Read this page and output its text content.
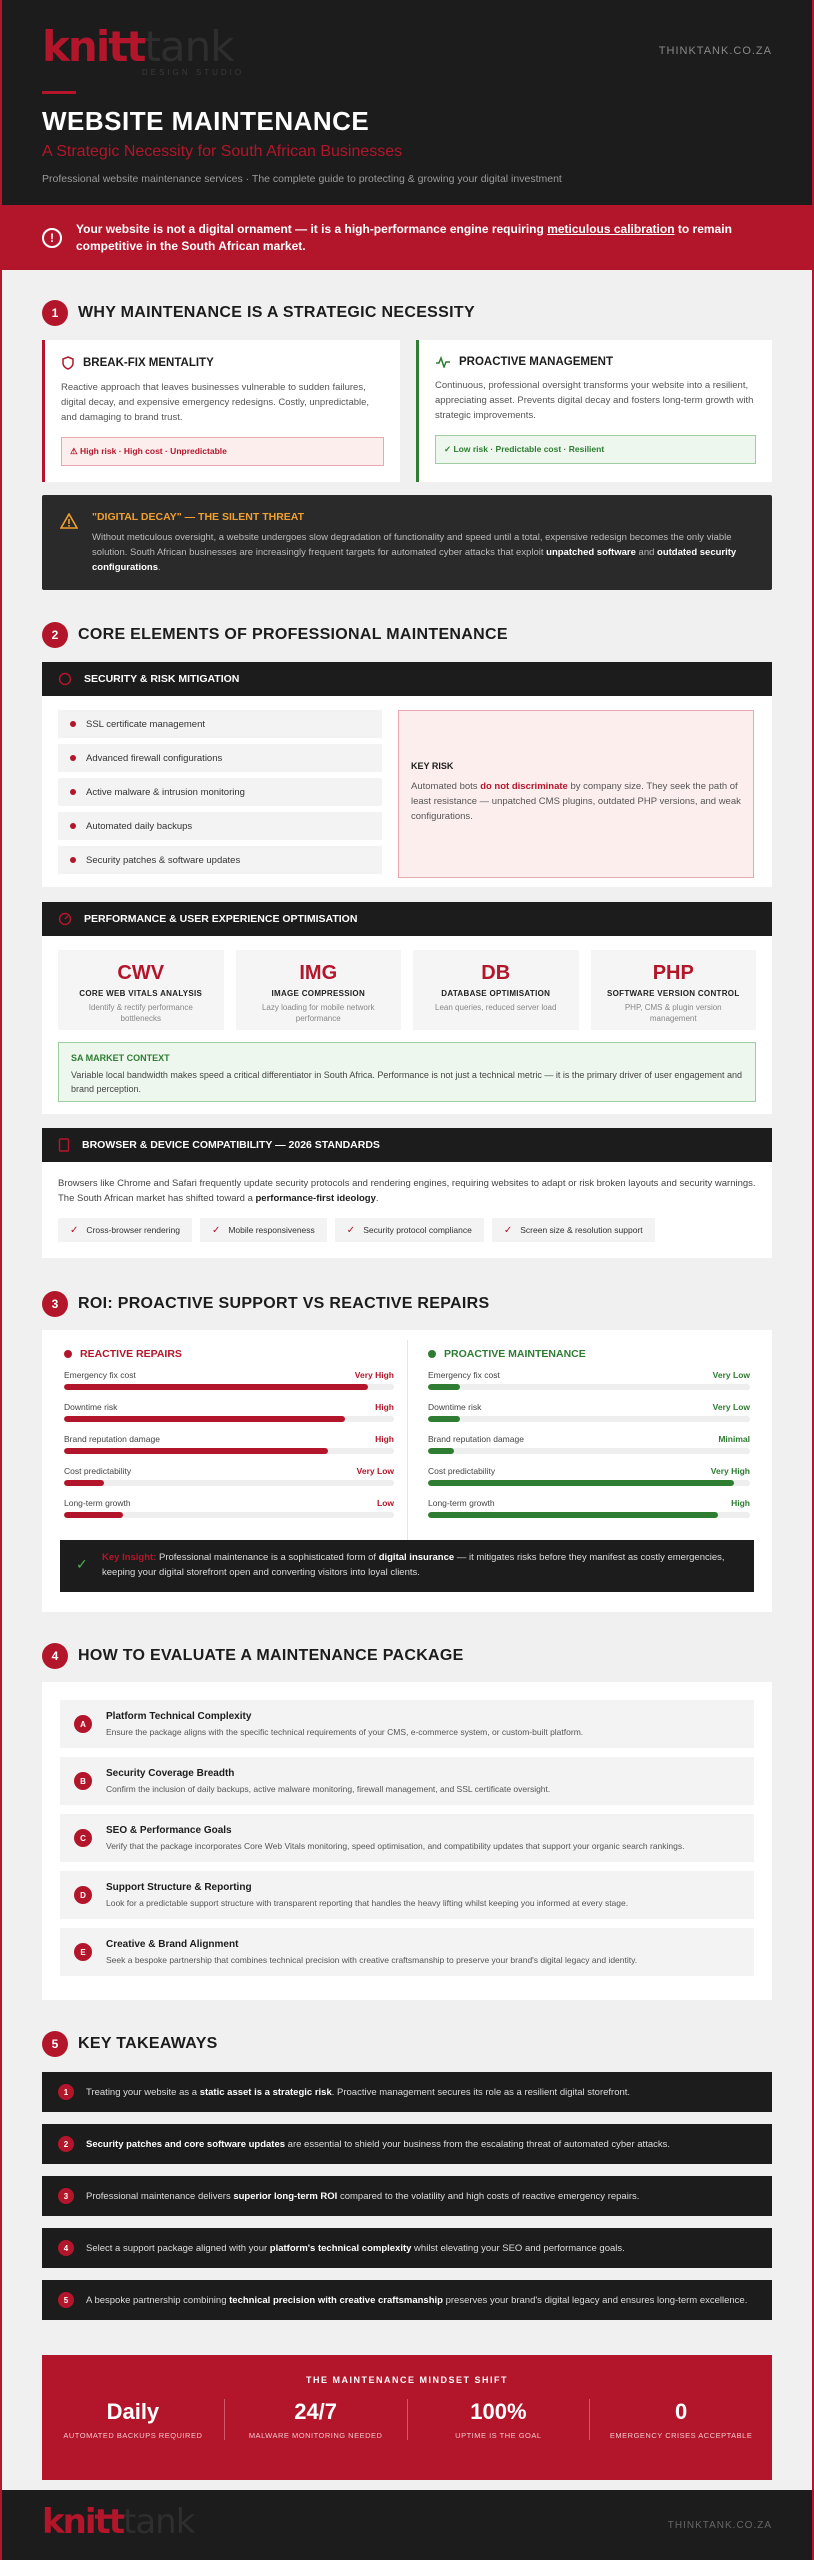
knitt tank
DESIGN STUDIO
THINKTANK.CO.ZA
WEBSITE MAINTENANCE
A Strategic Necessity for South African Businesses
Professional website maintenance services · The complete guide to protecting & growing your digital investment
!
Your website is not a digital ornament — it is a high-performance engine requiring meticulous calibration to remain competitive in the South African market.
1	WHY MAINTENANCE IS A STRATEGIC NECESSITY
BREAK-FIX MENTALITY
Reactive approach that leaves businesses vulnerable to sudden failures, digital decay, and expensive emergency redesigns. Costly, unpredictable, and damaging to brand trust.
⚠ High risk · High cost · Unpredictable
PROACTIVE MANAGEMENT
Continuous, professional oversight transforms your website into a resilient, appreciating asset. Prevents digital decay and fosters long-term growth with strategic improvements.
✓ Low risk · Predictable cost · Resilient
"DIGITAL DECAY" — THE SILENT THREAT
Without meticulous oversight, a website undergoes slow degradation of functionality and speed until a total, expensive redesign becomes the only viable solution. South African businesses are increasingly frequent targets for automated cyber attacks that exploit unpatched software and outdated security configurations.
2	CORE ELEMENTS OF PROFESSIONAL MAINTENANCE
SECURITY & RISK MITIGATION
SSL certificate management
Advanced firewall configurations
Active malware & intrusion monitoring
Automated daily backups
Security patches & software updates
KEY RISK
Automated bots do not discriminate by company size. They seek the path of least resistance — unpatched CMS plugins, outdated PHP versions, and weak configurations.
PERFORMANCE & USER EXPERIENCE OPTIMISATION
CWV
CORE WEB VITALS ANALYSIS
Identify & rectify performance bottlenecks
IMG
IMAGE COMPRESSION
Lazy loading for mobile network performance
DB
DATABASE OPTIMISATION
Lean queries, reduced server load
PHP
SOFTWARE VERSION CONTROL
PHP, CMS & plugin version management
SA MARKET CONTEXT
Variable local bandwidth makes speed a critical differentiator in South Africa. Performance is not just a technical metric — it is the primary driver of user engagement and brand perception.
BROWSER & DEVICE COMPATIBILITY — 2026 STANDARDS
Browsers like Chrome and Safari frequently update security protocols and rendering engines, requiring websites to adapt or risk broken layouts and security warnings. The South African market has shifted toward a performance-first ideology.
✓ Cross-browser rendering	✓ Mobile responsiveness	✓ Security protocol compliance	✓ Screen size & resolution support
3	ROI: PROACTIVE SUPPORT VS REACTIVE REPAIRS
REACTIVE REPAIRS
Emergency fix cost	Very High
Downtime risk	High
Brand reputation damage	High
Cost predictability	Very Low
Long-term growth	Low
PROACTIVE MAINTENANCE
Emergency fix cost	Very Low
Downtime risk	Very Low
Brand reputation damage	Minimal
Cost predictability	Very High
Long-term growth	High
✓ Key Insight: Professional maintenance is a sophisticated form of digital insurance — it mitigates risks before they manifest as costly emergencies, keeping your digital storefront open and converting visitors into loyal clients.
4	HOW TO EVALUATE A MAINTENANCE PACKAGE
A
Platform Technical Complexity
Ensure the package aligns with the specific technical requirements of your CMS, e-commerce system, or custom-built platform.
B
Security Coverage Breadth
Confirm the inclusion of daily backups, active malware monitoring, firewall management, and SSL certificate oversight.
C
SEO & Performance Goals
Verify that the package incorporates Core Web Vitals monitoring, speed optimisation, and compatibility updates that support your organic search rankings.
D
Support Structure & Reporting
Look for a predictable support structure with transparent reporting that handles the heavy lifting whilst keeping you informed at every stage.
E
Creative & Brand Alignment
Seek a bespoke partnership that combines technical precision with creative craftsmanship to preserve your brand's digital legacy and identity.
5	KEY TAKEAWAYS
1	Treating your website as a static asset is a strategic risk. Proactive management secures its role as a resilient digital storefront.
2	Security patches and core software updates are essential to shield your business from the escalating threat of automated cyber attacks.
3	Professional maintenance delivers superior long-term ROI compared to the volatility and high costs of reactive emergency repairs.
4	Select a support package aligned with your platform's technical complexity whilst elevating your SEO and performance goals.
5	A bespoke partnership combining technical precision with creative craftsmanship preserves your brand's digital legacy and ensures long-term excellence.
THE MAINTENANCE MINDSET SHIFT
Daily
AUTOMATED BACKUPS REQUIRED
24/7
MALWARE MONITORING NEEDED
100%
UPTIME IS THE GOAL
0
EMERGENCY CRISES ACCEPTABLE
knitt tank	THINKTANK.CO.ZA
